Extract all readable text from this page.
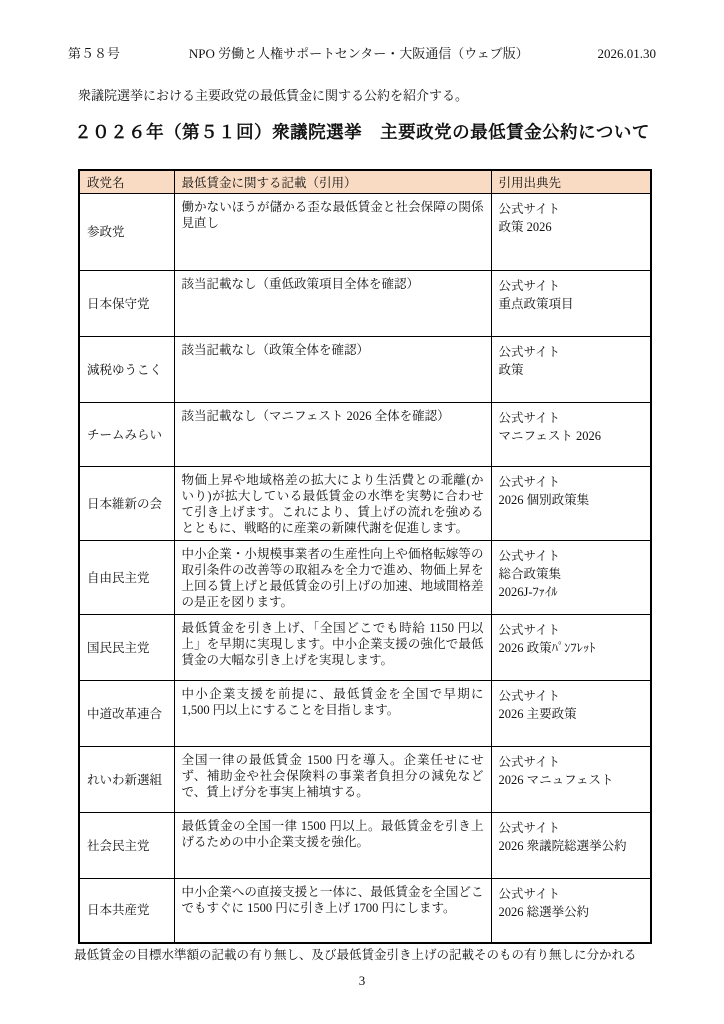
第５８号	NPO 労働と人権サポートセンター・大阪通信（ウェブ版）	2026.01.30
衆議院選挙における主要政党の最低賃金に関する公約を紹介する。
２０２６年（第５１回）衆議院選挙　主要政党の最低賃金公約について
政党名	最低賃金に関する記載（引用）	引用出典先
参政党	働かないほうが儲かる歪な最低賃金と社会保障の関係見直し	公式サイト
政策 2026

日本保守党	該当記載なし（重低政策項目全体を確認）	公式サイト
重点政策項目

減税ゆうこく	該当記載なし（政策全体を確認）	公式サイト
政策

チームみらい	該当記載なし（マニフェスト 2026 全体を確認）	公式サイト
マニフェスト 2026

日本維新の会	物価上昇や地域格差の拡大により生活費との乖離(かいり)が拡大している最低賃金の水準を実勢に合わせて引き上げます。これにより、賃上げの流れを強めるとともに、戦略的に産業の新陳代謝を促進します。	公式サイト
2026 個別政策集

自由民主党	中小企業・小規模事業者の生産性向上や価格転嫁等の取引条件の改善等の取組みを全力で進め、物価上昇を上回る賃上げと最低賃金の引上げの加速、地域間格差の是正を図ります。	公式サイト
総合政策集
2026J-ﾌｧｲﾙ

国民民主党	最低賃金を引き上げ、「全国どこでも時給 1150 円以上」を早期に実現します。中小企業支援の強化で最低賃金の大幅な引き上げを実現します。	公式サイト
2026 政策ﾊﾟﾝﾌﾚｯﾄ

中道改革連合	中小企業支援を前提に、最低賃金を全国で早期に 1,500 円以上にすることを目指します。	公式サイト
2026 主要政策

れいわ新選組	全国一律の最低賃金 1500 円を導入。企業任せにせず、補助金や社会保険料の事業者負担分の減免などで、賃上げ分を事実上補填する。	公式サイト
2026 マニュフェスト

社会民主党	最低賃金の全国一律 1500 円以上。最低賃金を引き上げるための中小企業支援を強化。	公式サイト
2026 衆議院総選挙公約

日本共産党	中小企業への直接支援と一体に、最低賃金を全国どこでもすぐに 1500 円に引き上げ 1700 円にします。	公式サイト
2026 総選挙公約
最低賃金の目標水準額の記載の有り無し、及び最低賃金引き上げの記載そのもの有り無しに分かれる
3
